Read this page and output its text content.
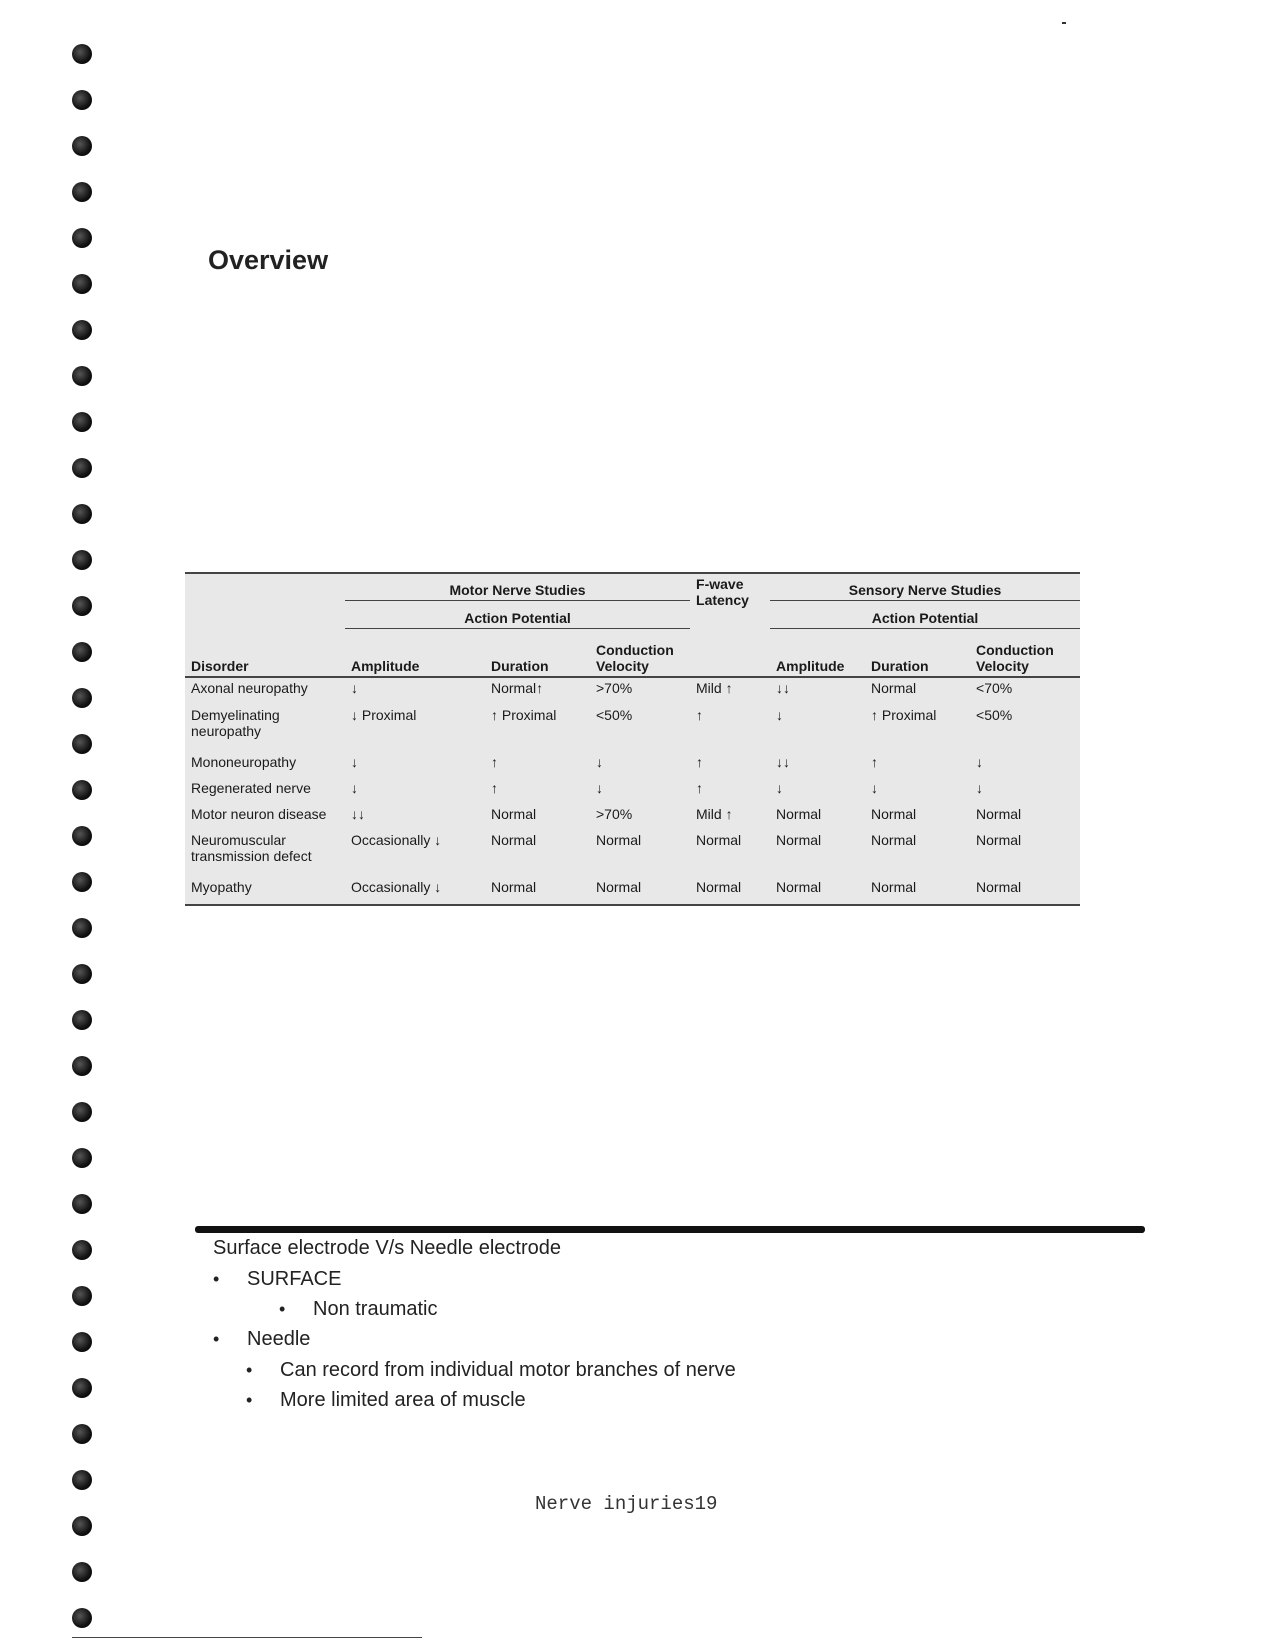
Overview
	Motor Nerve Studies			F-wave Latency	Sensory Nerve Studies		
	Action Potential				Action Potential		
Disorder	Amplitude	Duration	Conduction Velocity		Amplitude	Duration	Conduction Velocity
Axonal neuropathy	↓	Normal↑	>70%	Mild ↑	↓↓	Normal	<70%
Demyelinating neuropathy	↓ Proximal	↑ Proximal	<50%	↑	↓	↑ Proximal	<50%
Mononeuropathy	↓	↑	↓	↑	↓↓	↑	↓
Regenerated nerve	↓	↑	↓	↑	↓	↓	↓
Motor neuron disease	↓↓	Normal	>70%	Mild ↑	Normal	Normal	Normal
Neuromuscular transmission defect	Occasionally ↓	Normal	Normal	Normal	Normal	Normal	Normal
Myopathy	Occasionally ↓	Normal	Normal	Normal	Normal	Normal	Normal
Surface electrode V/s Needle electrode
• SURFACE
• Non traumatic
• Needle
• Can record from individual motor branches of nerve
• More limited area of muscle
Nerve injuries19
